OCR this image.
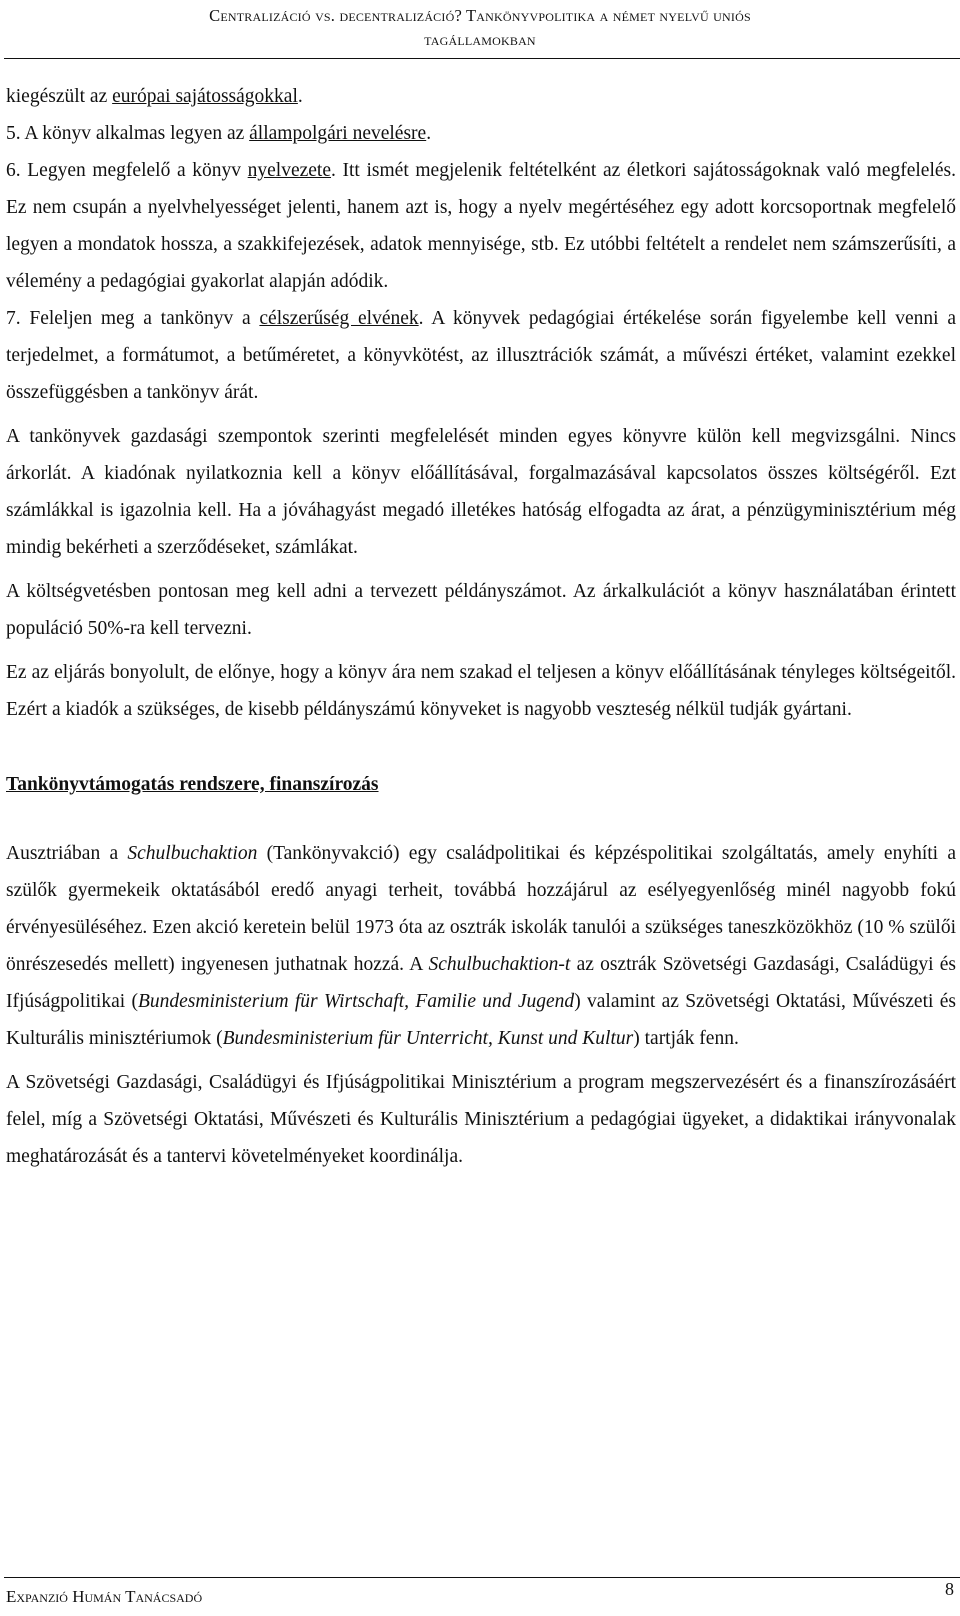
Centralizáció vs. decentralizáció? Tankönyvpolitika a német nyelvű uniós
tagállamokban

kiegészült az európai sajátosságokkal.

5. A könyv alkalmas legyen az állampolgári nevelésre.

6. Legyen megfelelő a könyv nyelvezete. Itt ismét megjelenik feltételként az életkori sajátosságoknak való megfelelés. Ez nem csupán a nyelvhelyességet jelenti, hanem azt is, hogy a nyelv megértéséhez egy adott korcsoportnak megfelelő legyen a mondatok hossza, a szakkifejezések, adatok mennyisége, stb. Ez utóbbi feltételt a rendelet nem számszerűsíti, a vélemény a pedagógiai gyakorlat alapján adódik.

7. Feleljen meg a tankönyv a célszerűség elvének. A könyvek pedagógiai értékelése során figyelembe kell venni a terjedelmet, a formátumot, a betűméretet, a könyvkötést, az illusztrációk számát, a művészi értéket, valamint ezekkel összefüggésben a tankönyv árát.

A tankönyvek gazdasági szempontok szerinti megfelelését minden egyes könyvre külön kell megvizsgálni. Nincs árkorlát. A kiadónak nyilatkoznia kell a könyv előállításával, forgalmazásával kapcsolatos összes költségéről. Ezt számlákkal is igazolnia kell. Ha a jóváhagyást megadó illetékes hatóság elfogadta az árat, a pénzügyminisztérium még mindig bekérheti a szerződéseket, számlákat.

A költségvetésben pontosan meg kell adni a tervezett példányszámot. Az árkalkulációt a könyv használatában érintett populáció 50%-ra kell tervezni.

Ez az eljárás bonyolult, de előnye, hogy a könyv ára nem szakad el teljesen a könyv előállításának tényleges költségeitől. Ezért a kiadók a szükséges, de kisebb példányszámú könyveket is nagyobb veszteség nélkül tudják gyártani.

Tankönyvtámogatás rendszere, finanszírozás

Ausztriában a Schulbuchaktion (Tankönyvakció) egy családpolitikai és képzéspolitikai szolgáltatás, amely enyhíti a szülők gyermekeik oktatásából eredő anyagi terheit, továbbá hozzájárul az esélyegyenlőség minél nagyobb fokú érvényesüléséhez. Ezen akció keretein belül 1973 óta az osztrák iskolák tanulói a szükséges taneszközökhöz (10 % szülői önrészesedés mellett) ingyenesen juthatnak hozzá. A Schulbuchaktion-t az osztrák Szövetségi Gazdasági, Családügyi és Ifjúságpolitikai (Bundesministerium für Wirtschaft, Familie und Jugend) valamint az Szövetségi Oktatási, Művészeti és Kulturális minisztériumok (Bundesministerium für Unterricht, Kunst und Kultur) tartják fenn.

A Szövetségi Gazdasági, Családügyi és Ifjúságpolitikai Minisztérium a program megszervezésért és a finanszírozásáért felel, míg a Szövetségi Oktatási, Művészeti és Kulturális Minisztérium a pedagógiai ügyeket, a didaktikai irányvonalak meghatározását és a tantervi követelményeket koordinálja.

Expanzió Humán Tanácsadó	8
